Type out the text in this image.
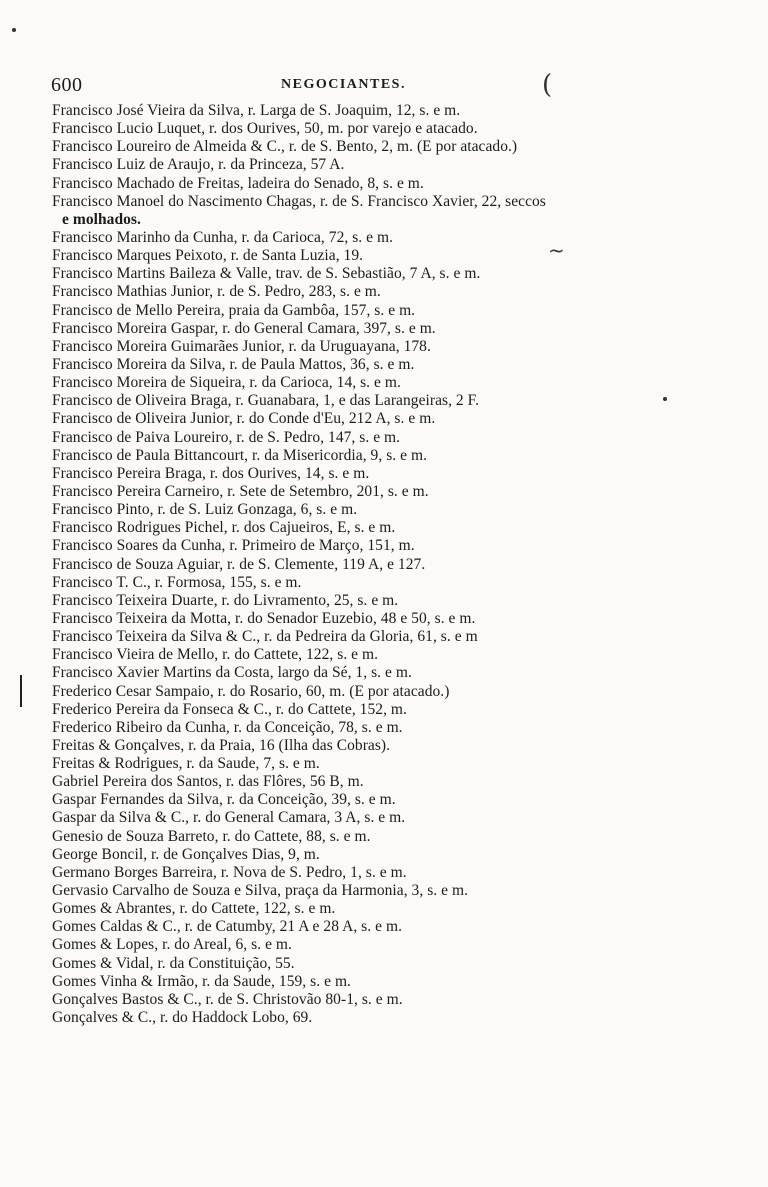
600	NEGOCIANTES.	(
~
Francisco José Vieira da Silva, r. Larga de S. Joaquim, 12, s. e m.
Francisco Lucio Luquet, r. dos Ourives, 50, m. por varejo e atacado.
Francisco Loureiro de Almeida & C., r. de S. Bento, 2, m. (E por atacado.)
Francisco Luiz de Araujo, r. da Princeza, 57 A.
Francisco Machado de Freitas, ladeira do Senado, 8, s. e m.
Francisco Manoel do Nascimento Chagas, r. de S. Francisco Xavier, 22, seccos
e molhados.
Francisco Marinho da Cunha, r. da Carioca, 72, s. e m.
Francisco Marques Peixoto, r. de Santa Luzia, 19.
Francisco Martins Baileza & Valle, trav. de S. Sebastião, 7 A, s. e m.
Francisco Mathias Junior, r. de S. Pedro, 283, s. e m.
Francisco de Mello Pereira, praia da Gambôa, 157, s. e m.
Francisco Moreira Gaspar, r. do General Camara, 397, s. e m.
Francisco Moreira Guimarães Junior, r. da Uruguayana, 178.
Francisco Moreira da Silva, r. de Paula Mattos, 36, s. e m.
Francisco Moreira de Siqueira, r. da Carioca, 14, s. e m.
Francisco de Oliveira Braga, r. Guanabara, 1, e das Larangeiras, 2 F.
Francisco de Oliveira Junior, r. do Conde d'Eu, 212 A, s. e m.
Francisco de Paiva Loureiro, r. de S. Pedro, 147, s. e m.
Francisco de Paula Bittancourt, r. da Misericordia, 9, s. e m.
Francisco Pereira Braga, r. dos Ourives, 14, s. e m.
Francisco Pereira Carneiro, r. Sete de Setembro, 201, s. e m.
Francisco Pinto, r. de S. Luiz Gonzaga, 6, s. e m.
Francisco Rodrigues Pichel, r. dos Cajueiros, E, s. e m.
Francisco Soares da Cunha, r. Primeiro de Março, 151, m.
Francisco de Souza Aguiar, r. de S. Clemente, 119 A, e 127.
Francisco T. C., r. Formosa, 155, s. e m.
Francisco Teixeira Duarte, r. do Livramento, 25, s. e m.
Francisco Teixeira da Motta, r. do Senador Euzebio, 48 e 50, s. e m.
Francisco Teixeira da Silva & C., r. da Pedreira da Gloria, 61, s. e m
Francisco Vieira de Mello, r. do Cattete, 122, s. e m.
Francisco Xavier Martins da Costa, largo da Sé, 1, s. e m.
Frederico Cesar Sampaio, r. do Rosario, 60, m. (E por atacado.)
Frederico Pereira da Fonseca & C., r. do Cattete, 152, m.
Frederico Ribeiro da Cunha, r. da Conceição, 78, s. e m.
Freitas & Gonçalves, r. da Praia, 16 (Ilha das Cobras).
Freitas & Rodrigues, r. da Saude, 7, s. e m.
Gabriel Pereira dos Santos, r. das Flôres, 56 B, m.
Gaspar Fernandes da Silva, r. da Conceição, 39, s. e m.
Gaspar da Silva & C., r. do General Camara, 3 A, s. e m.
Genesio de Souza Barreto, r. do Cattete, 88, s. e m.
George Boncil, r. de Gonçalves Dias, 9, m.
Germano Borges Barreira, r. Nova de S. Pedro, 1, s. e m.
Gervasio Carvalho de Souza e Silva, praça da Harmonia, 3, s. e m.
Gomes & Abrantes, r. do Cattete, 122, s. e m.
Gomes Caldas & C., r. de Catumby, 21 A e 28 A, s. e m.
Gomes & Lopes, r. do Areal, 6, s. e m.
Gomes & Vidal, r. da Constituição, 55.
Gomes Vinha & Irmão, r. da Saude, 159, s. e m.
Gonçalves Bastos & C., r. de S. Christovão 80-1, s. e m.
Gonçalves & C., r. do Haddock Lobo, 69.
